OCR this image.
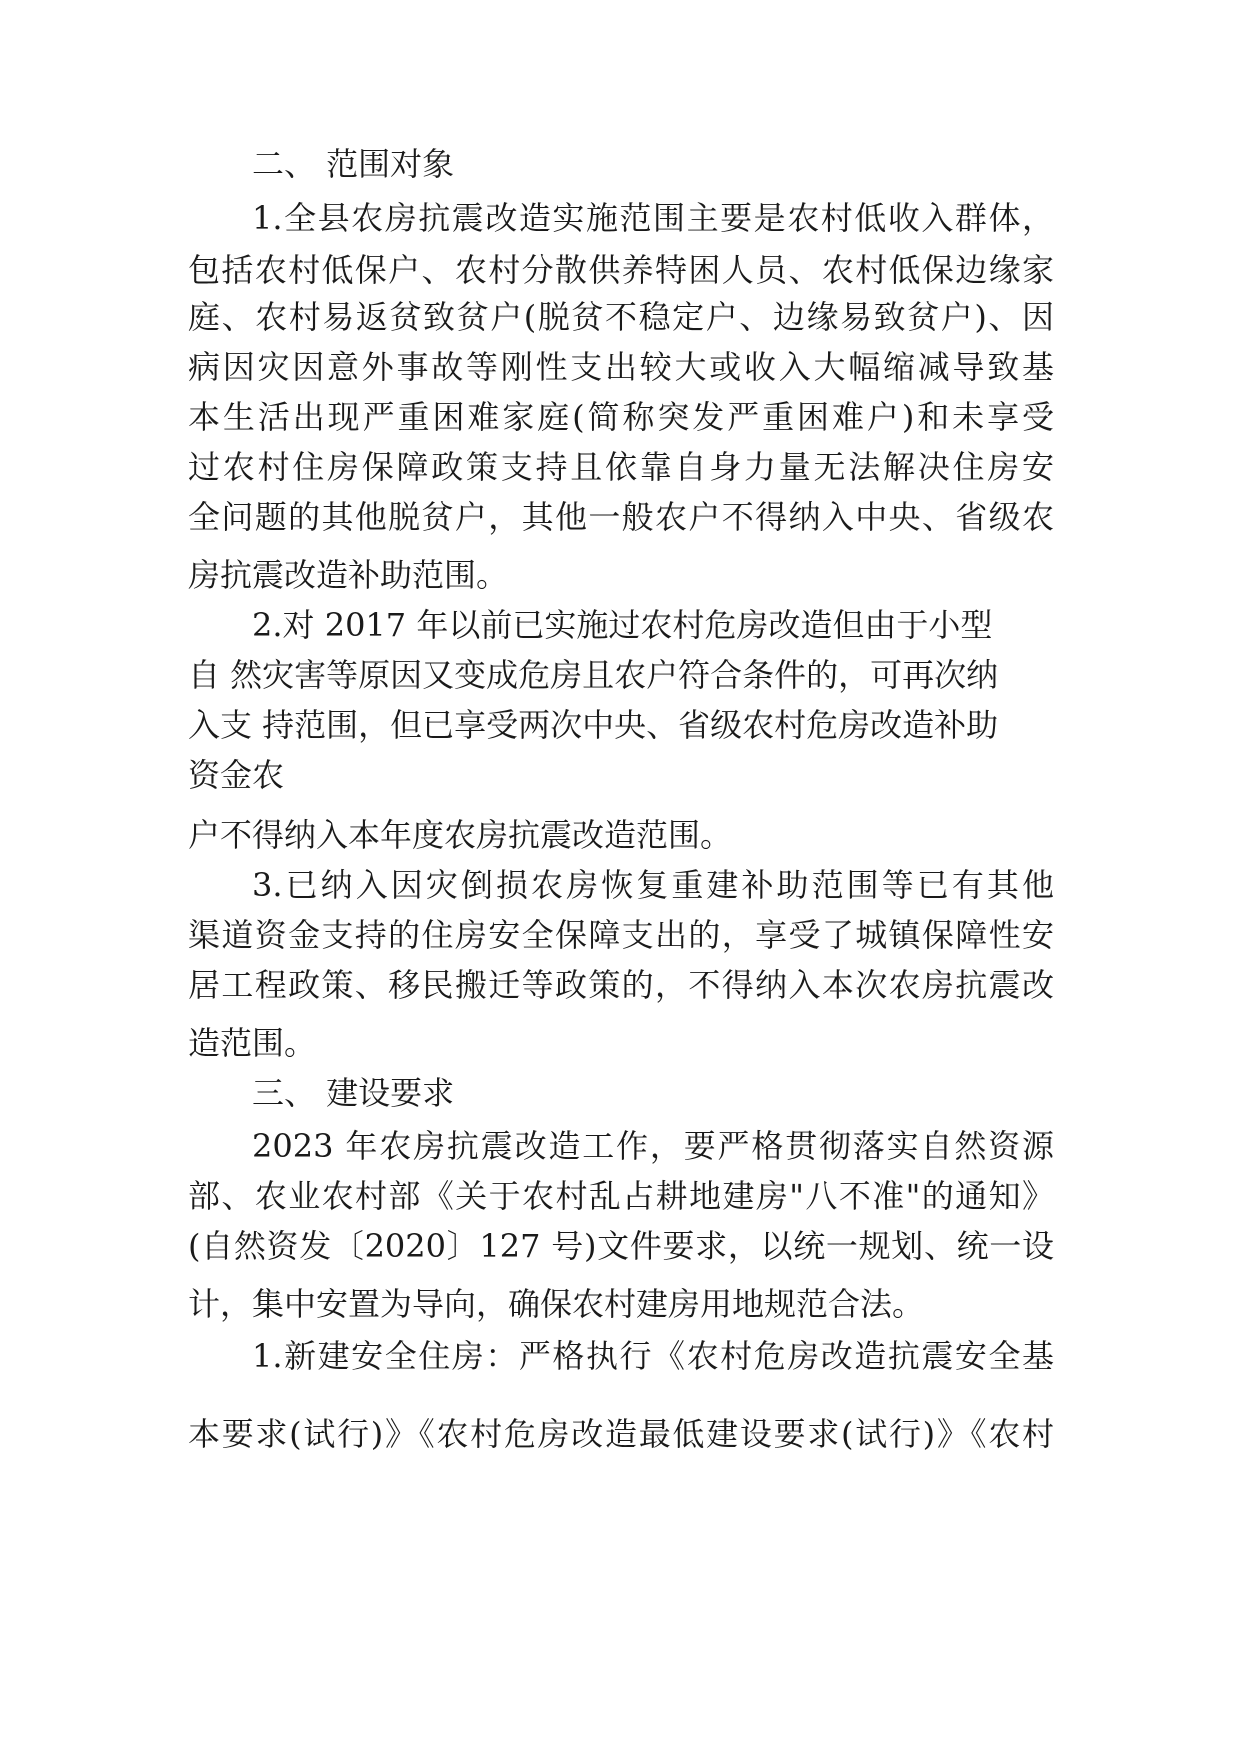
二、 范围对象

1.全县农房抗震改造实施范围主要是农村低收入群体，

包括农村低保户、农村分散供养特困人员、农村低保边缘家

庭、农村易返贫致贫户(脱贫不稳定户、边缘易致贫户)、因

病因灾因意外事故等刚性支出较大或收入大幅缩减导致基

本生活出现严重困难家庭(简称突发严重困难户)和未享受

过农村住房保障政策支持且依靠自身力量无法解决住房安

全问题的其他脱贫户，其他一般农户不得纳入中央、省级农

房抗震改造补助范围。

2.对 2017 年以前已实施过农村危房改造但由于小型

自 然灾害等原因又变成危房且农户符合条件的，可再次纳

入支 持范围，但已享受两次中央、省级农村危房改造补助

资金农

户不得纳入本年度农房抗震改造范围。

3.已纳入因灾倒损农房恢复重建补助范围等已有其他

渠道资金支持的住房安全保障支出的，享受了城镇保障性安

居工程政策、移民搬迁等政策的，不得纳入本次农房抗震改

造范围。

三、 建设要求

2023 年农房抗震改造工作，要严格贯彻落实自然资源

部、农业农村部《关于农村乱占耕地建房"八不准"的通知》

(自然资发〔2020〕127 号)文件要求，以统一规划、统一设

计，集中安置为导向，确保农村建房用地规范合法。

1.新建安全住房：严格执行《农村危房改造抗震安全基

本要求(试行)》《农村危房改造最低建设要求(试行)》《农村
